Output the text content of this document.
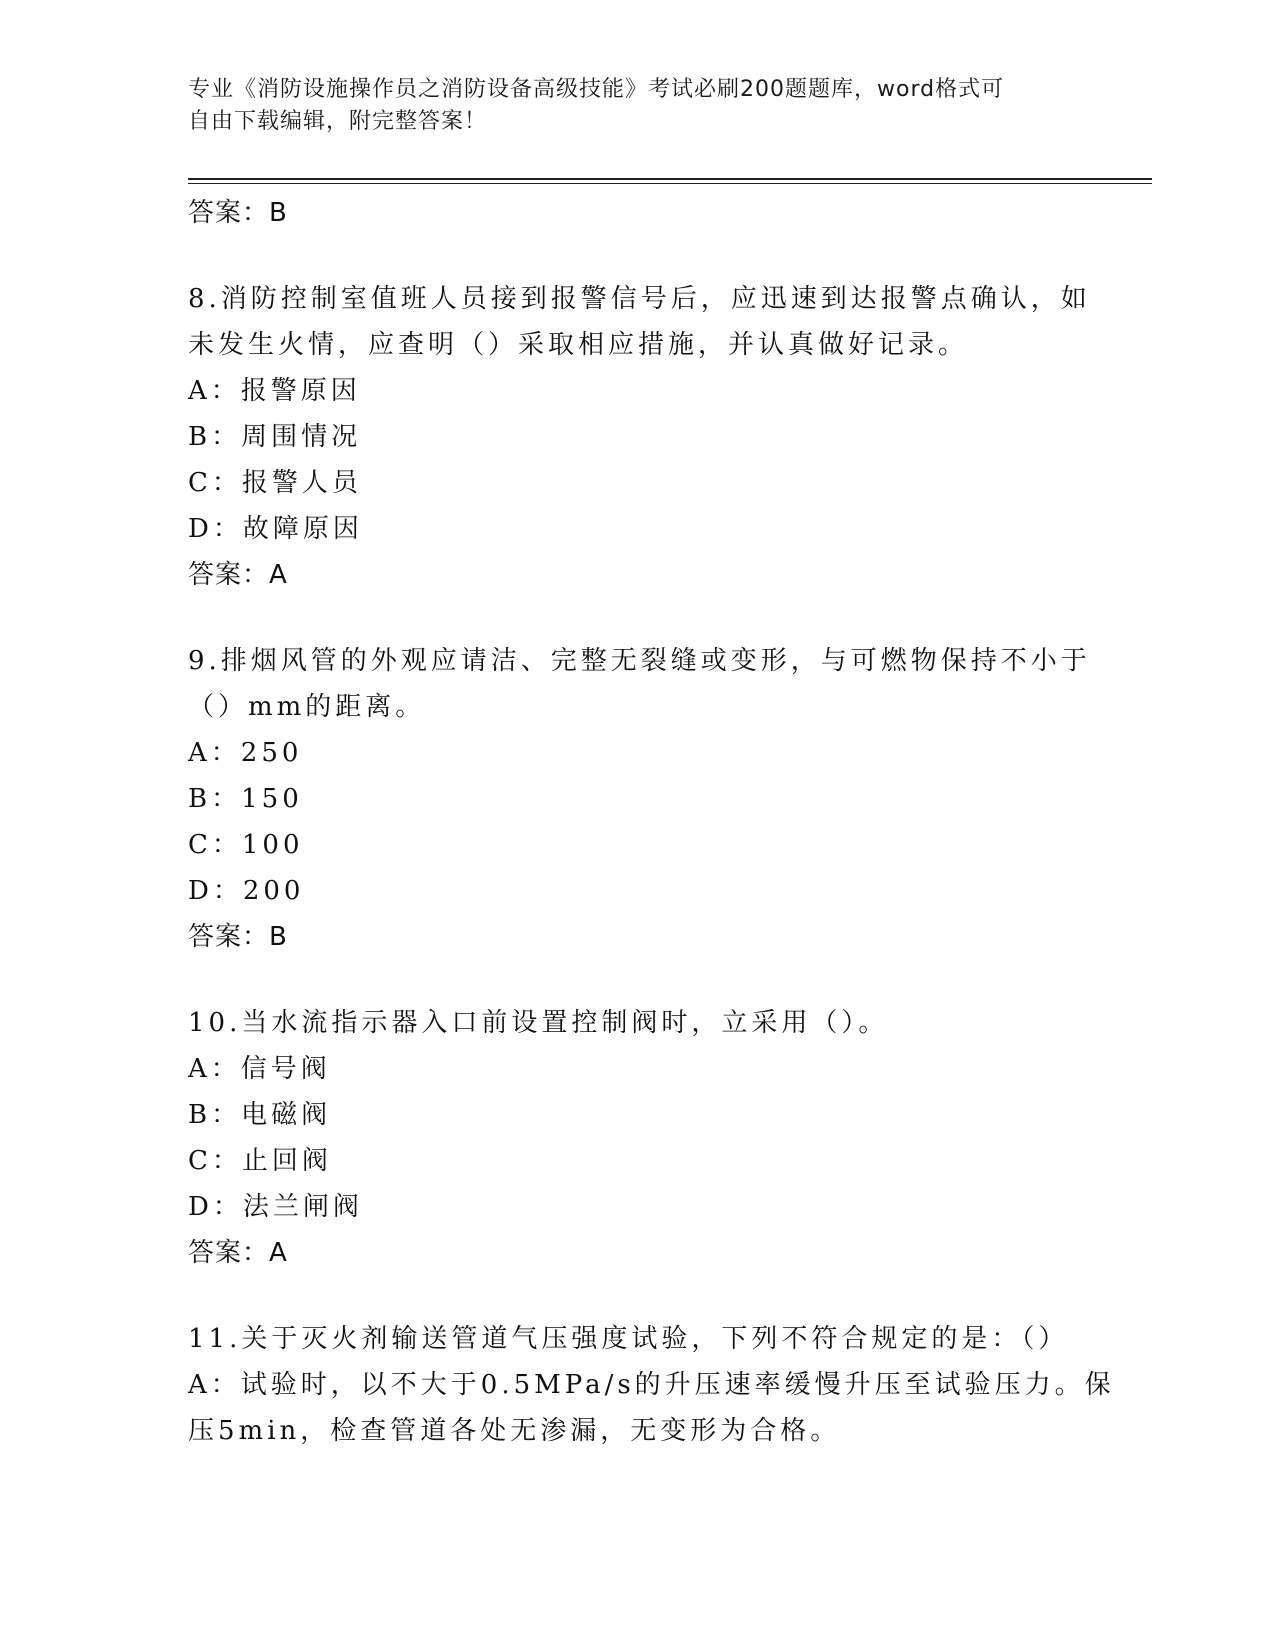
专业《消防设施操作员之消防设备高级技能》考试必刷200题题库，word格式可
自由下载编辑，附完整答案！
答案：B
8.消防控制室值班人员接到报警信号后，应迅速到达报警点确认，如
未发生火情，应查明（）采取相应措施，并认真做好记录。
A：报警原因
B：周围情况
C：报警人员
D：故障原因
答案：A
9.排烟风管的外观应请洁、完整无裂缝或变形，与可燃物保持不小于
（）mm的距离。
A：250
B：150
C：100
D：200
答案：B
10.当水流指示器入口前设置控制阀时，立采用（）。
A：信号阀
B：电磁阀
C：止回阀
D：法兰闸阀
答案：A
11.关于灭火剂输送管道气压强度试验，下列不符合规定的是：（）
A：试验时，以不大于0.5MPa/s的升压速率缓慢升压至试验压力。保
压5min，检查管道各处无渗漏，无变形为合格。
